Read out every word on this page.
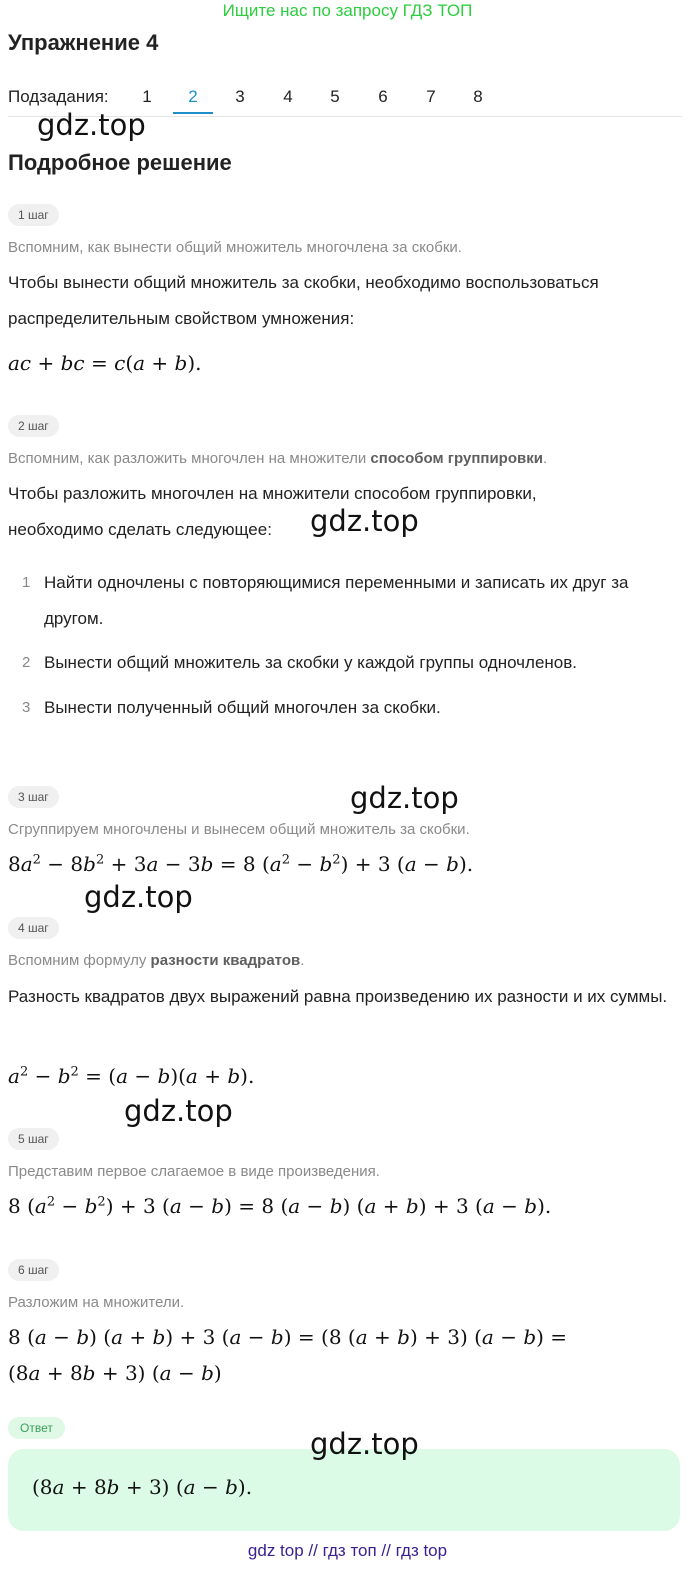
Ищите нас по запросу ГДЗ ТОП
Упражнение 4
Подзадания:	1	2	3	4	5	6	7	8
gdz.top
Подробное решение
1 шаг
Вспомним, как вынести общий множитель многочлена за скобки.
Чтобы вынести общий множитель за скобки, необходимо воспользоваться распределительным свойством умножения:
ac + bc = c(a + b).
2 шаг
Вспомним, как разложить многочлен на множители способом группировки.
Чтобы разложить многочлен на множители способом группировки, необходимо сделать следующее:	gdz.top
1 Найти одночлены с повторяющимися переменными и записать их друг за другом.
2 Вынести общий множитель за скобки у каждой группы одночленов.
3 Вынести полученный общий многочлен за скобки.
3 шаг	gdz.top
Сгруппируем многочлены и вынесем общий множитель за скобки.
$8a^2 - 8b^2 + 3a - 3b = 8$ $(a^2 - b^2) + 3$ (a − b).
gdz.top
4 шаг
Вспомним формулу разности квадратов.
Разность квадратов двух выражений равна произведению их разности и их суммы.
$a^2 - b^2 = (a - b)(a + b)$.
gdz.top
5 шаг
Представим первое слагаемое в виде произведения.
8 $(a^2 - b^2) + 3$ (a − b) = 8 (a − b) (a + b) + 3 (a − b).
6 шаг
Разложим на множители.
8 (a − b) (a + b) + 3 (a − b) = (8 (a + b) + 3) (a − b) =
(8a + 8b + 3) (a − b)
Ответ
(8a + 8b + 3) (a − b).
gdz.top
gdz top // гдз топ // гдз top
